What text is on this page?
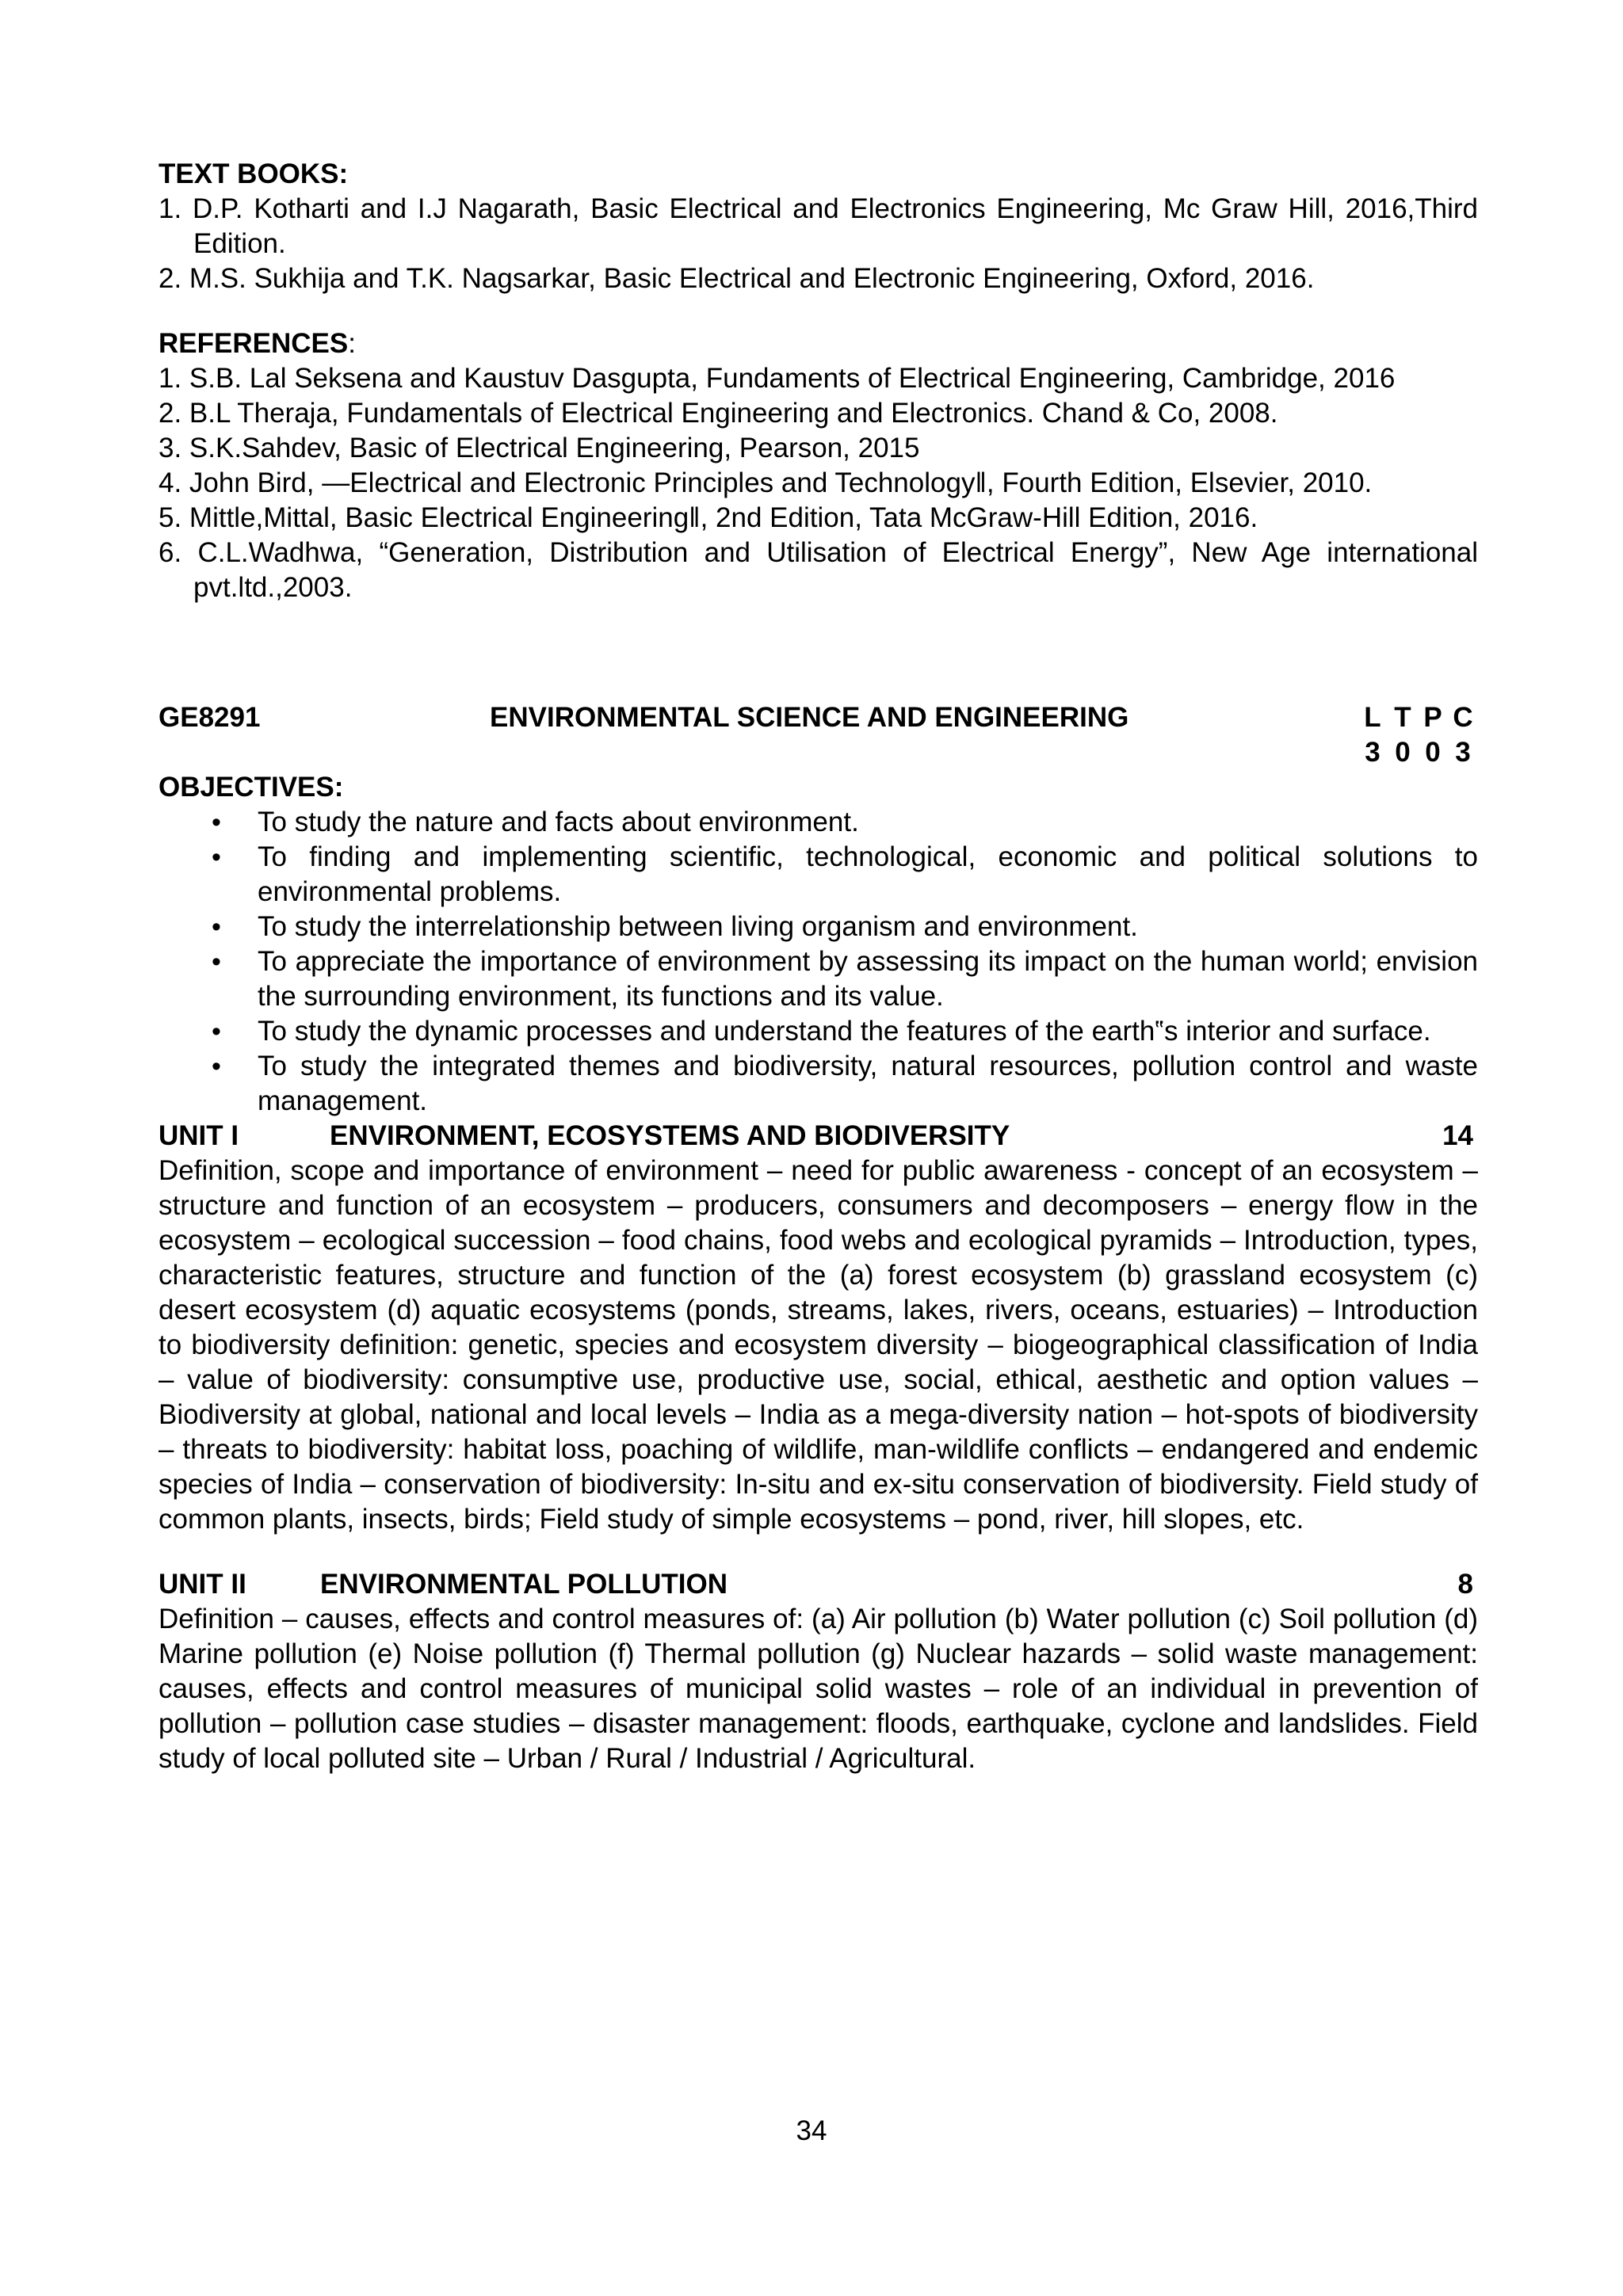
TEXT BOOKS:

1. D.P. Kotharti and I.J Nagarath, Basic Electrical and Electronics Engineering, Mc Graw Hill, 2016,Third Edition.
2. M.S. Sukhija and T.K. Nagsarkar, Basic Electrical and Electronic Engineering, Oxford, 2016.

REFERENCES:

1. S.B. Lal Seksena and Kaustuv Dasgupta, Fundaments of Electrical Engineering, Cambridge, 2016
2. B.L Theraja, Fundamentals of Electrical Engineering and Electronics. Chand & Co, 2008.
3. S.K.Sahdev, Basic of Electrical Engineering, Pearson, 2015
4. John Bird, ―Electrical and Electronic Principles and Technology‖, Fourth Edition, Elsevier, 2010.
5. Mittle,Mittal, Basic Electrical Engineering‖, 2nd Edition, Tata McGraw-Hill Edition, 2016.
6. C.L.Wadhwa, “Generation, Distribution and Utilisation of Electrical Energy”, New Age international pvt.ltd.,2003.
GE8291	ENVIRONMENTAL SCIENCE AND ENGINEERING	L T P C
3 0 0 3

OBJECTIVES:

• To study the nature and facts about environment.
• To finding and implementing scientific, technological, economic and political solutions to environmental problems.
• To study the interrelationship between living organism and environment.
• To appreciate the importance of environment by assessing its impact on the human world; envision the surrounding environment, its functions and its value.
• To study the dynamic processes and understand the features of the earth‟s interior and surface.
• To study the integrated themes and biodiversity, natural resources, pollution control and waste management.
UNIT I	ENVIRONMENT, ECOSYSTEMS AND BIODIVERSITY	14

Definition, scope and importance of environment – need for public awareness - concept of an ecosystem – structure and function of an ecosystem – producers, consumers and decomposers – energy flow in the ecosystem – ecological succession – food chains, food webs and ecological pyramids – Introduction, types, characteristic features, structure and function of the (a) forest ecosystem (b) grassland ecosystem (c) desert ecosystem (d) aquatic ecosystems (ponds, streams, lakes, rivers, oceans, estuaries) – Introduction to biodiversity definition: genetic, species and ecosystem diversity – biogeographical classification of India – value of biodiversity: consumptive use, productive use, social, ethical, aesthetic and option values – Biodiversity at global, national and local levels – India as a mega-diversity nation – hot-spots of biodiversity – threats to biodiversity: habitat loss, poaching of wildlife, man-wildlife conflicts – endangered and endemic species of India – conservation of biodiversity: In-situ and ex-situ conservation of biodiversity. Field study of common plants, insects, birds; Field study of simple ecosystems – pond, river, hill slopes, etc.

UNIT II	ENVIRONMENTAL POLLUTION	8

Definition – causes, effects and control measures of: (a) Air pollution (b) Water pollution (c) Soil pollution (d) Marine pollution (e) Noise pollution (f) Thermal pollution (g) Nuclear hazards – solid waste management: causes, effects and control measures of municipal solid wastes – role of an individual in prevention of pollution – pollution case studies – disaster management: floods, earthquake, cyclone and landslides. Field study of local polluted site – Urban / Rural / Industrial / Agricultural.

34
